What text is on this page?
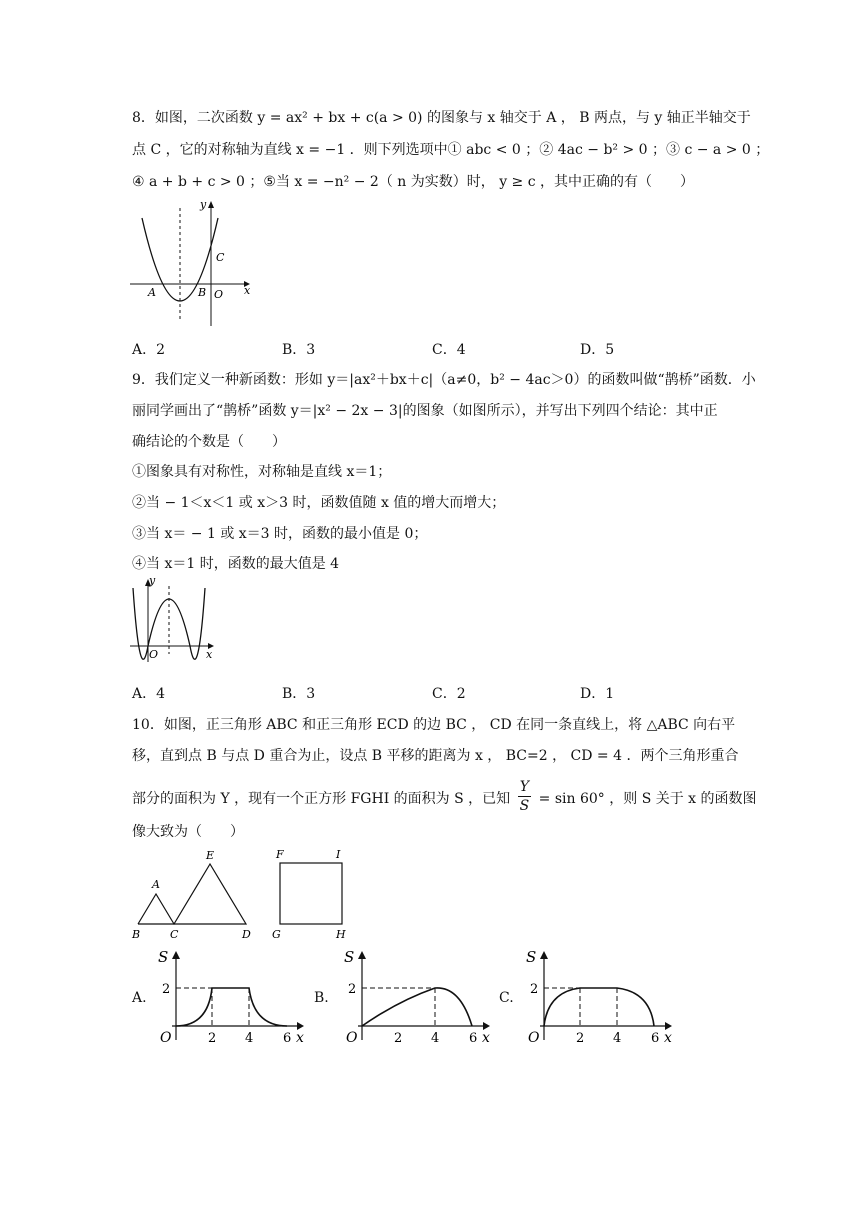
8．如图，二次函数 y = ax² + bx + c(a > 0) 的图象与 x 轴交于 A ， B 两点，与 y 轴正半轴交于
点 C ，它的对称轴为直线 x = −1 ．则下列选项中① abc < 0 ；② 4ac − b² > 0 ；③ c − a > 0 ；
④ a + b + c > 0 ；⑤当 x = −n² − 2（ n 为实数）时， y ≥ c ，其中正确的有（　　）
y
x
C
A	B O
A．2	B．3	C．4	D．5
9．我们定义一种新函数：形如 y＝|ax²＋bx＋c|（a≠0，b² − 4ac＞0）的函数叫做“鹊桥”函数．小
丽同学画出了“鹊桥”函数 y＝|x² − 2x − 3|的图象（如图所示），并写出下列四个结论：其中正
确结论的个数是（　　）
①图象具有对称性，对称轴是直线 x＝1；
②当 − 1＜x＜1 或 x＞3 时，函数值随 x 值的增大而增大；
③当 x＝ − 1 或 x＝3 时，函数的最小值是 0；
④当 x＝1 时，函数的最大值是 4
y
x
O
A．4	B．3	C．2	D．1
10．如图，正三角形 ABC 和正三角形 ECD 的边 BC ， CD 在同一条直线上，将 △ABC 向右平
移，直到点 B 与点 D 重合为止，设点 B 平移的距离为 x ， BC=2 ， CD = 4 ．两个三角形重合
部分的面积为 Y ，现有一个正方形 FGHI 的面积为 S ，已知 $\frac{Y}{S} = \sin 60^\circ$ ，则 S 关于 x 的函数图
像大致为（　　）
A
B	C	D
E	F	I
G	H
A.	B.	C.
S
x
O
2
2 4 6
S
x
O
2
2 4 6
S
x
O
2
2 4 6
